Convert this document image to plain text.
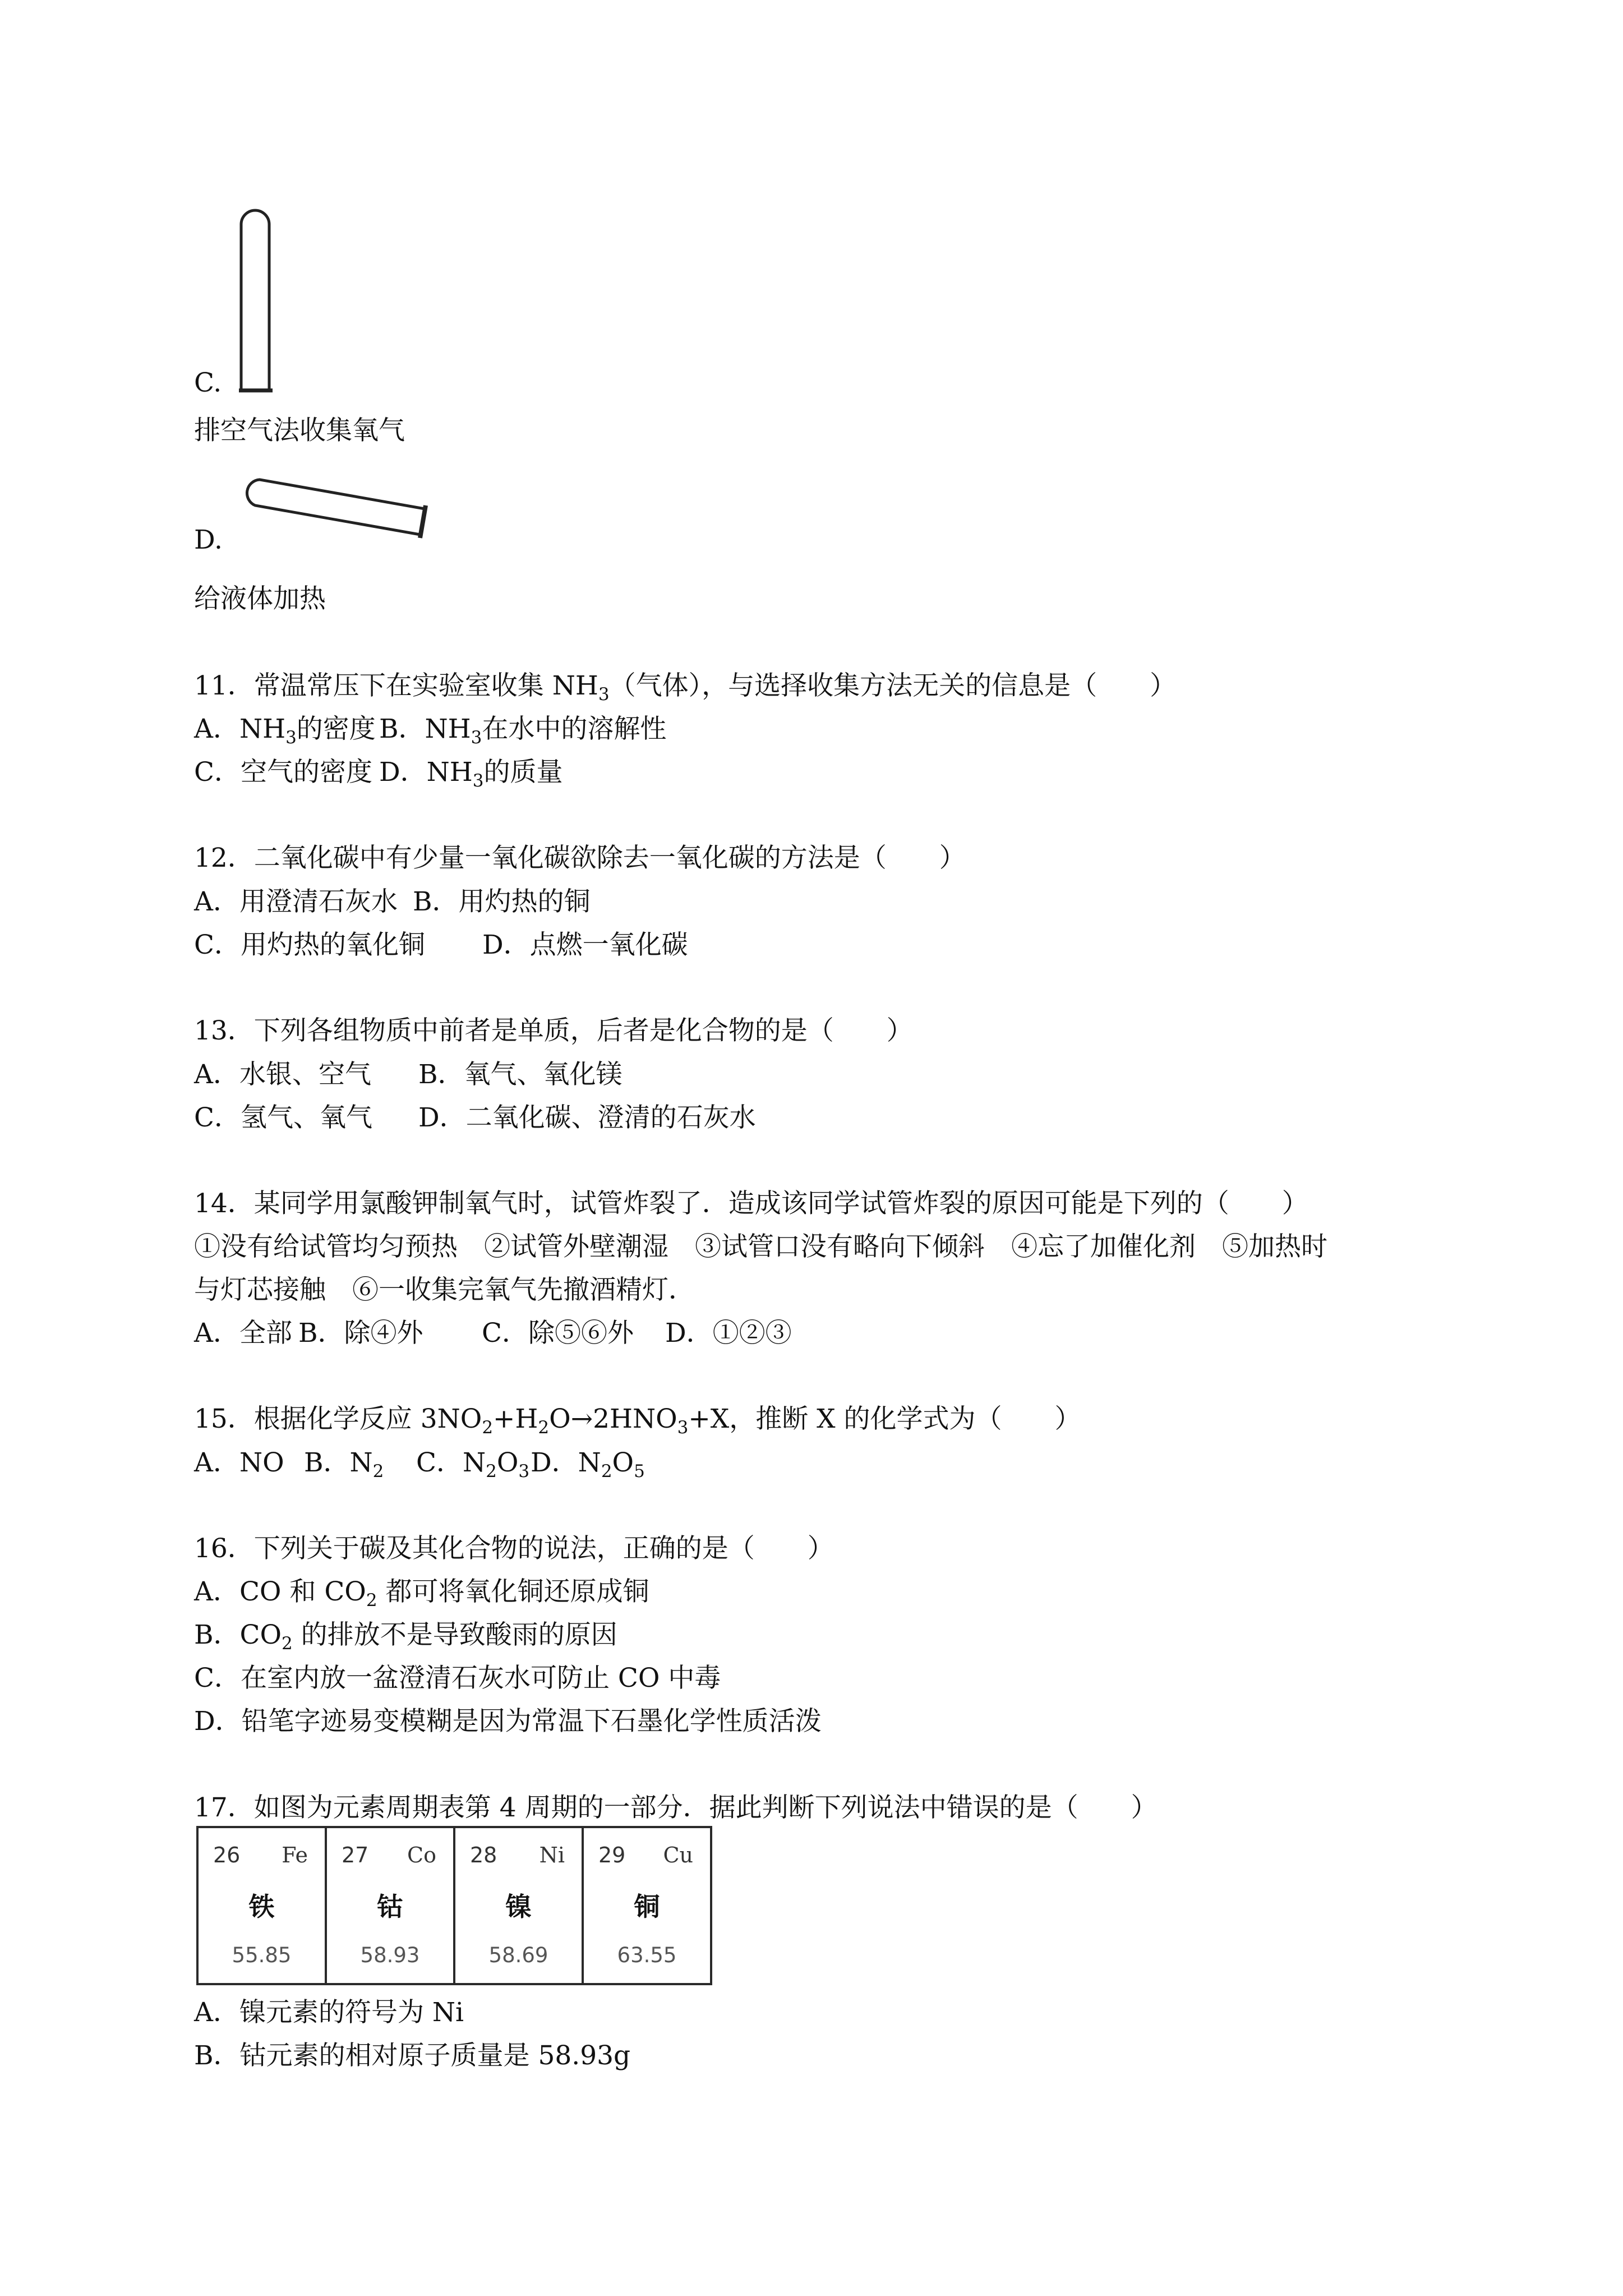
C.
排空气法收集氧气
D.
给液体加热
11．常温常压下在实验室收集 $NH_3$（气体），与选择收集方法无关的信息是（　　）
A．$NH_3$的密度 B．$NH_3$在水中的溶解性
C．空气的密度 D．$NH_3$的质量
12．二氧化碳中有少量一氧化碳欲除去一氧化碳的方法是（　　）
A．用澄清石灰水 B．用灼热的铜
C．用灼热的氧化铜 D．点燃一氧化碳
13．下列各组物质中前者是单质，后者是化合物的是（　　）
A．水银、空气 B．氧气、氧化镁
C．氢气、氧气 D．二氧化碳、澄清的石灰水
14．某同学用氯酸钾制氧气时，试管炸裂了．造成该同学试管炸裂的原因可能是下列的（　　）
①没有给试管均匀预热　②试管外壁潮湿　③试管口没有略向下倾斜　④忘了加催化剂　⑤加热时
与灯芯接触　⑥一收集完氧气先撤酒精灯．
A．全部 B．除④外 C．除⑤⑥外 D．①②③
15．根据化学反应 $3NO_2+H_2O\to 2HNO_3+X$，推断 X 的化学式为（　　）
A．NO B．$N_2$ C．$N_2O_3D$．$N_2O_5$
16．下列关于碳及其化合物的说法，正确的是（　　）
A．CO 和 $CO_2$ 都可将氧化铜还原成铜
B．$CO_2$ 的排放不是导致酸雨的原因
C．在室内放一盆澄清石灰水可防止 CO 中毒
D．铅笔字迹易变模糊是因为常温下石墨化学性质活泼
17．如图为元素周期表第 4 周期的一部分．据此判断下列说法中错误的是（　　）
26 Fe
铁
55.85
27 Co
钴
58.93
28 Ni
镍
58.69
29 Cu
铜
63.55
A．镍元素的符号为 Ni
B．钴元素的相对原子质量是 58.93g
